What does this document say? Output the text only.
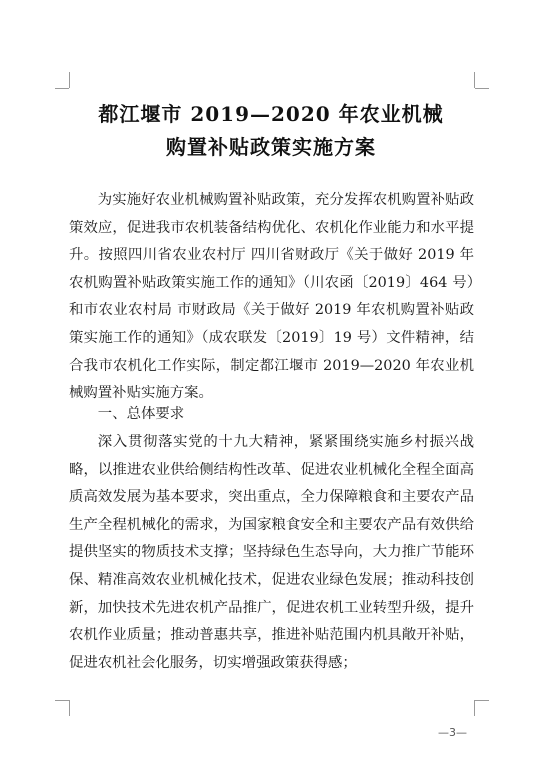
都江堰市 2019—2020 年农业机械
购置补贴政策实施方案

为实施好农业机械购置补贴政策，充分发挥农机购置补贴政策效应，促进我市农机装备结构优化、农机化作业能力和水平提升。按照四川省农业农村厅 四川省财政厅《关于做好 2019 年农机购置补贴政策实施工作的通知》（川农函〔2019〕464 号）和市农业农村局 市财政局《关于做好 2019 年农机购置补贴政策实施工作的通知》（成农联发〔2019〕19 号）文件精神，结合我市农机化工作实际，制定都江堰市 2019—2020 年农业机械购置补贴实施方案。

一、总体要求

深入贯彻落实党的十九大精神，紧紧围绕实施乡村振兴战略，以推进农业供给侧结构性改革、促进农业机械化全程全面高质高效发展为基本要求，突出重点，全力保障粮食和主要农产品生产全程机械化的需求，为国家粮食安全和主要农产品有效供给提供坚实的物质技术支撑；坚持绿色生态导向，大力推广节能环保、精准高效农业机械化技术，促进农业绿色发展；推动科技创新，加快技术先进农机产品推广，促进农机工业转型升级，提升农机作业质量；推动普惠共享，推进补贴范围内机具敞开补贴，促进农机社会化服务，切实增强政策获得感；

—3—
